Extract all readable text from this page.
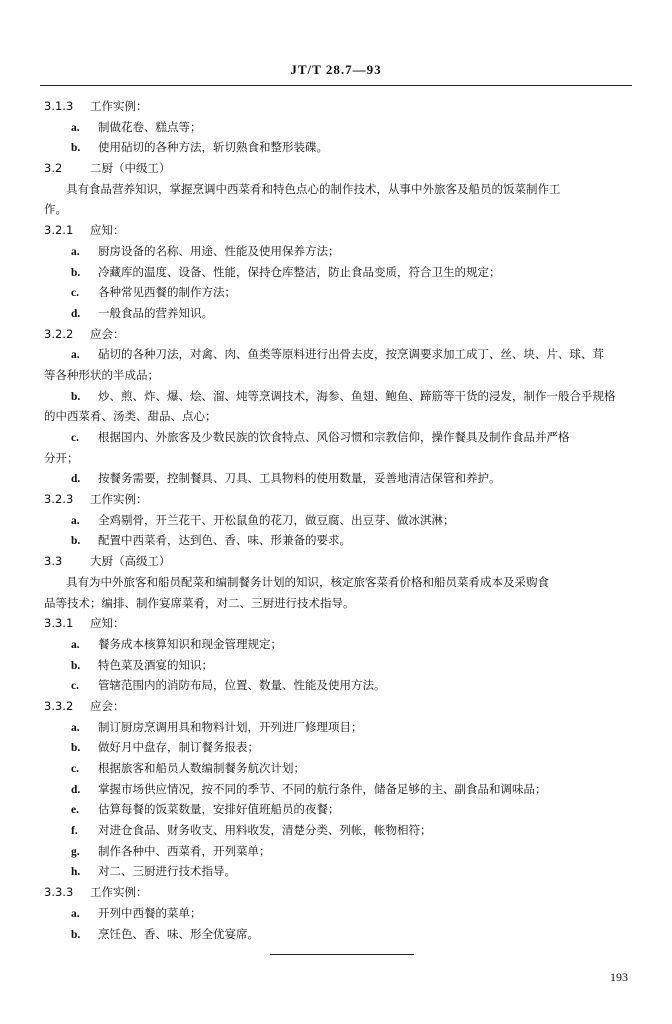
JT/T 28.7—93
3.1.3 工作实例：
a. 制做花卷、糕点等；
b. 使用砧切的各种方法，斩切熟食和整形装碟。
3.2 二厨（中级工）
具有食品营养知识，掌握烹调中西菜肴和特色点心的制作技术，从事中外旅客及船员的饭菜制作工
作。
3.2.1 应知：
a. 厨房设备的名称、用途、性能及使用保养方法；
b. 冷藏库的温度、设备、性能，保持仓库整洁，防止食品变质，符合卫生的规定；
c. 各种常见西餐的制作方法；
d. 一般食品的营养知识。
3.2.2 应会：
a. 砧切的各种刀法，对禽、肉、鱼类等原料进行出骨去皮，按烹调要求加工成丁、丝、块、片、球、茸
等各种形状的半成品；
b. 炒、煎、炸、爆、烩、溜、炖等烹调技术，海参、鱼翅、鲍鱼、蹄筋等干货的浸发，制作一般合乎规格
的中西菜肴、汤类、甜品、点心；
c. 根据国内、外旅客及少数民族的饮食特点、风俗习惯和宗教信仰，操作餐具及制作食品并严格
分开；
d. 按餐务需要，控制餐具、刀具、工具物料的使用数量，妥善地清洁保管和养护。
3.2.3 工作实例：
a. 全鸡剔骨，开兰花干、开松鼠鱼的花刀，做豆腐、出豆芽、做冰淇淋；
b. 配置中西菜肴，达到色、香、味、形兼备的要求。
3.3 大厨（高级工）
具有为中外旅客和船员配菜和编制餐务计划的知识，核定旅客菜肴价格和船员菜肴成本及采购食
品等技术；编排、制作宴席菜肴，对二、三厨进行技术指导。
3.3.1 应知：
a. 餐务成本核算知识和现金管理规定；
b. 特色菜及酒宴的知识；
c. 管辖范围内的消防布局，位置、数量、性能及使用方法。
3.3.2 应会：
a. 制订厨房烹调用具和物料计划，开列进厂修理项目；
b. 做好月中盘存，制订餐务报表；
c. 根据旅客和船员人数编制餐务航次计划；
d. 掌握市场供应情况，按不同的季节、不同的航行条件，储备足够的主、副食品和调味品；
e. 估算每餐的饭菜数量，安排好值班船员的夜餐；
f. 对进仓食品、财务收支、用料收发，清楚分类、列帐，帐物相符；
g. 制作各种中、西菜肴，开列菜单；
h. 对二、三厨进行技术指导。
3.3.3 工作实例：
a. 开列中西餐的菜单；
b. 烹饪色、香、味、形全优宴席。
193
